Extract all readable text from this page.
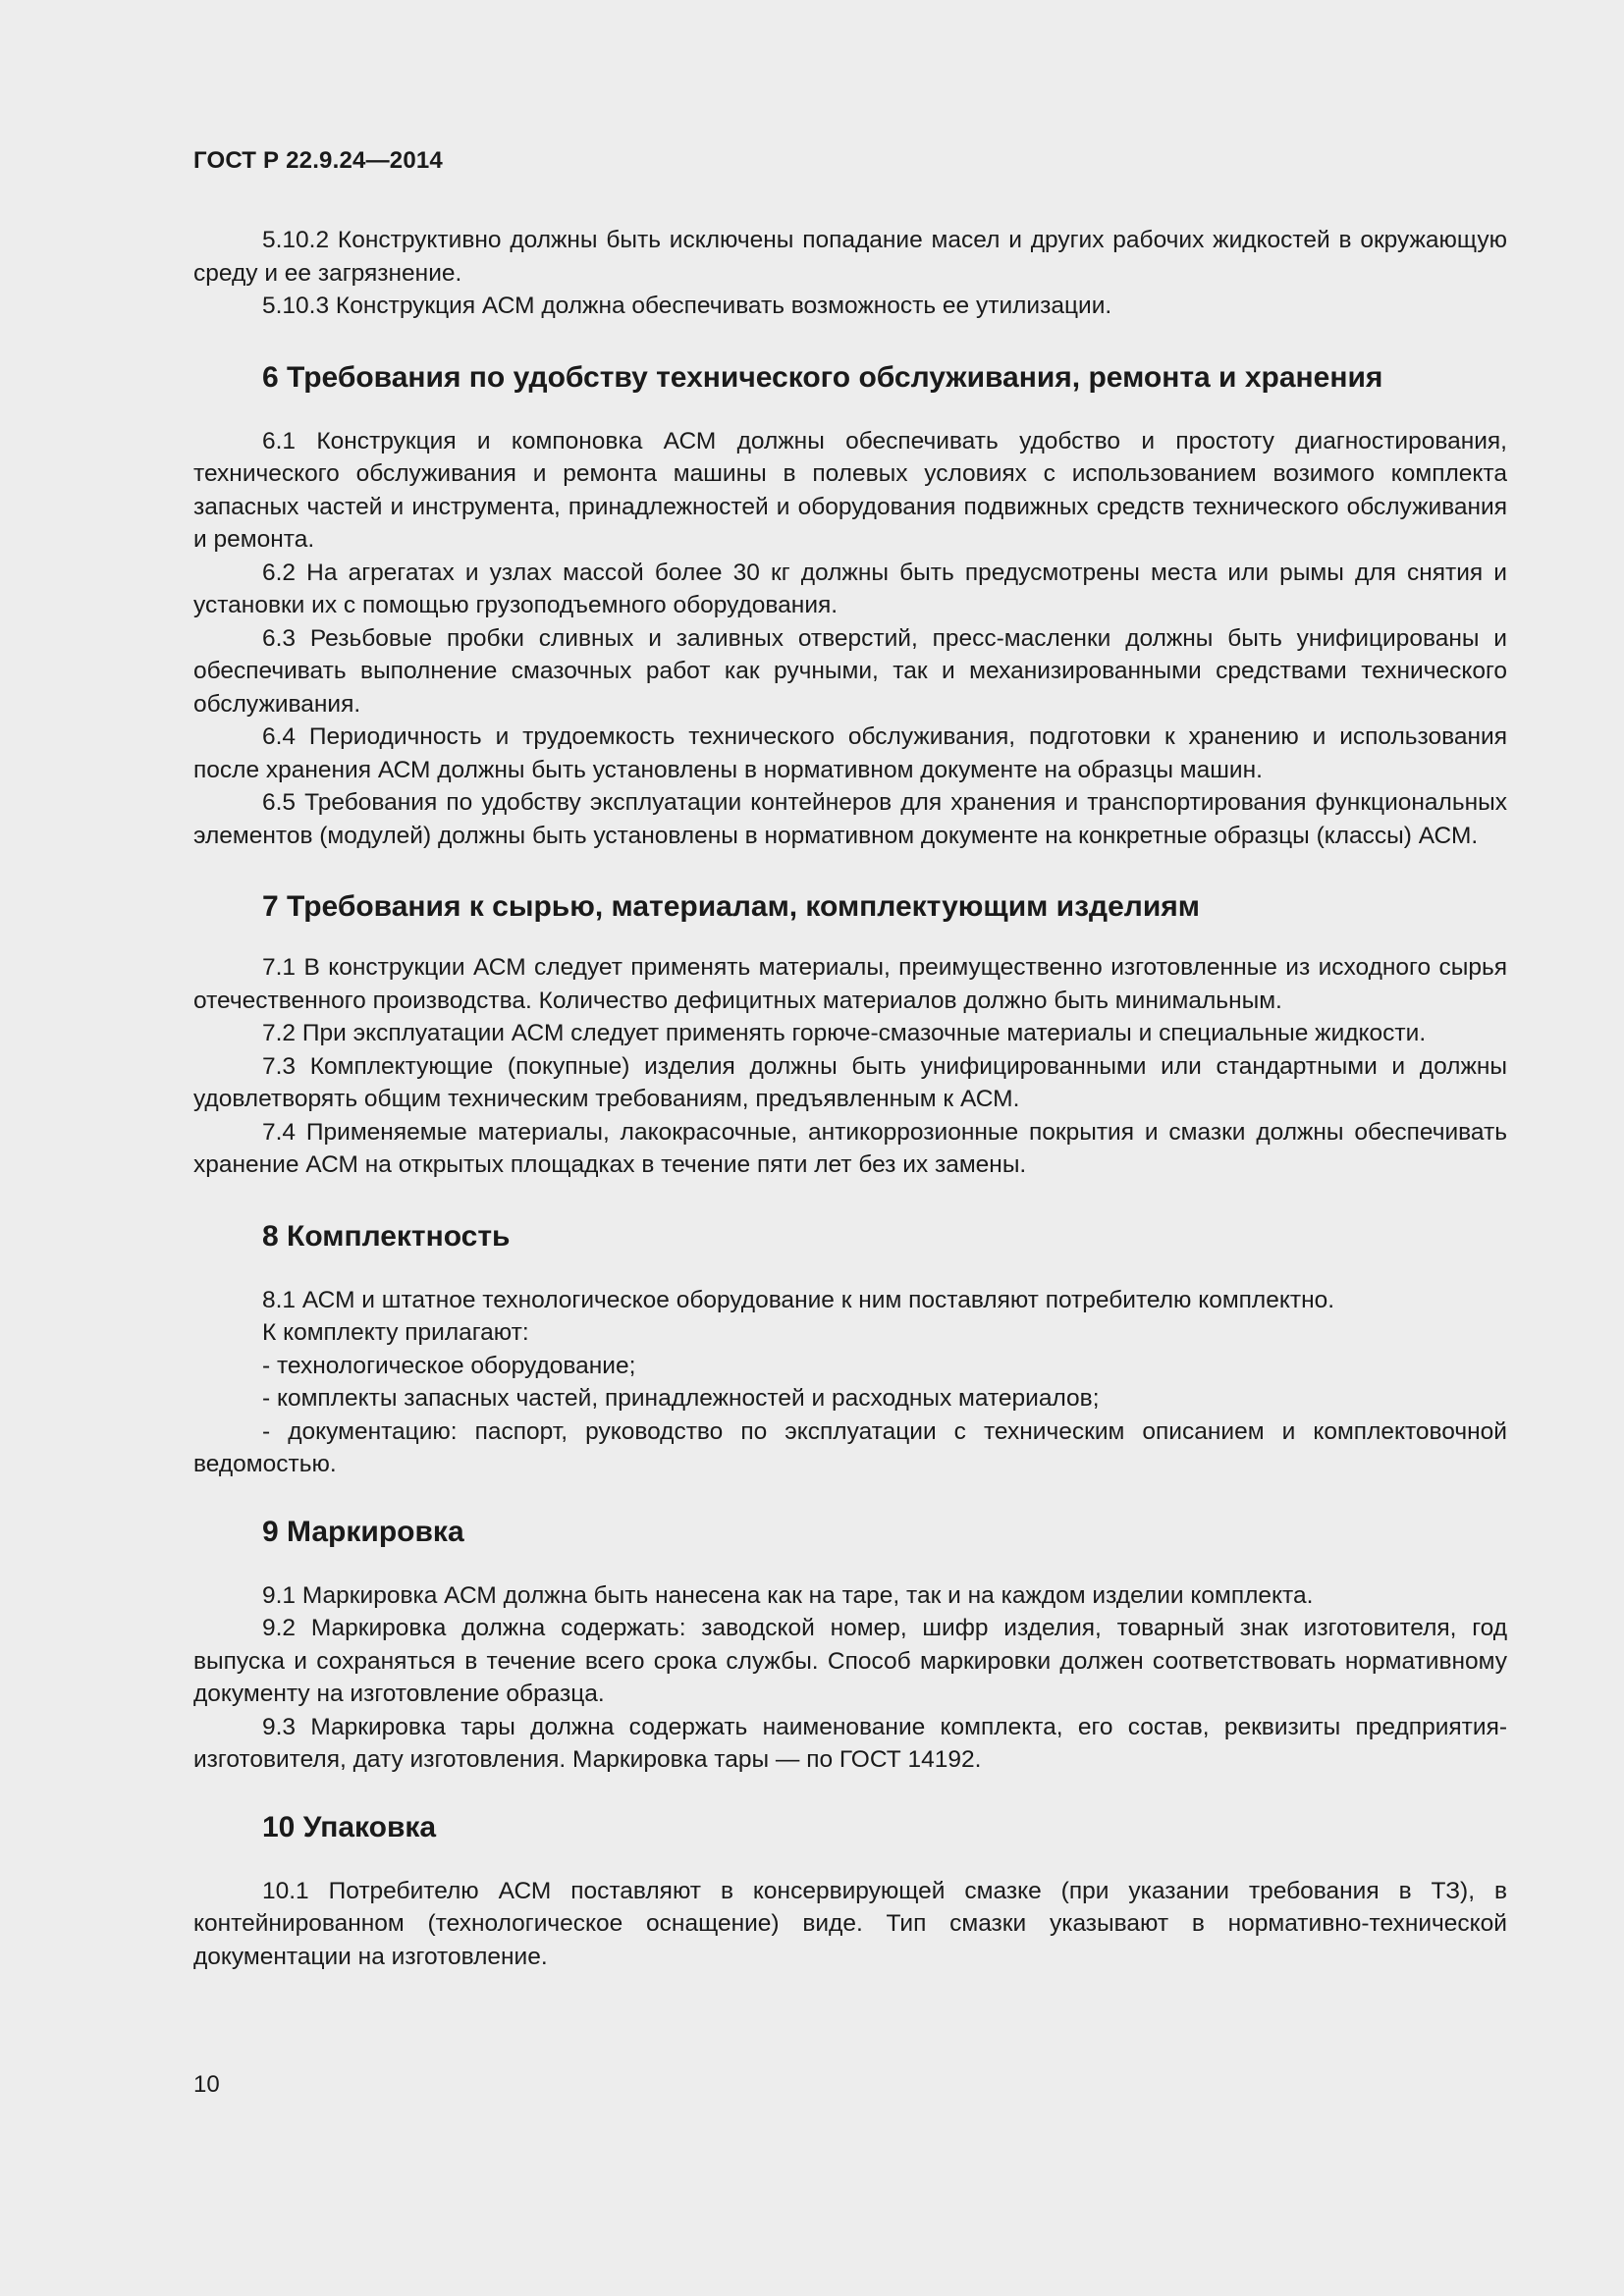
ГОСТ Р 22.9.24—2014

5.10.2 Конструктивно должны быть исключены попадание масел и других рабочих жидкостей в окружающую среду и ее загрязнение.

5.10.3 Конструкция АСМ должна обеспечивать возможность ее утилизации.

6 Требования по удобству технического обслуживания, ремонта и хранения

6.1 Конструкция и компоновка АСМ должны обеспечивать удобство и простоту диагностирования, технического обслуживания и ремонта машины в полевых условиях с использованием возимого комплекта запасных частей и инструмента, принадлежностей и оборудования подвижных средств технического обслуживания и ремонта.

6.2 На агрегатах и узлах массой более 30 кг должны быть предусмотрены места или рымы для снятия и установки их с помощью грузоподъемного оборудования.

6.3 Резьбовые пробки сливных и заливных отверстий, пресс-масленки должны быть унифицированы и обеспечивать выполнение смазочных работ как ручными, так и механизированными средствами технического обслуживания.

6.4 Периодичность и трудоемкость технического обслуживания, подготовки к хранению и использования после хранения АСМ должны быть установлены в нормативном документе на образцы машин.

6.5 Требования по удобству эксплуатации контейнеров для хранения и транспортирования функциональных элементов (модулей) должны быть установлены в нормативном документе на конкретные образцы (классы) АСМ.

7 Требования к сырью, материалам, комплектующим изделиям

7.1 В конструкции АСМ следует применять материалы, преимущественно изготовленные из исходного сырья отечественного производства. Количество дефицитных материалов должно быть минимальным.

7.2 При эксплуатации АСМ следует применять горюче-смазочные материалы и специальные жидкости.

7.3 Комплектующие (покупные) изделия должны быть унифицированными или стандартными и должны удовлетворять общим техническим требованиям, предъявленным к АСМ.

7.4 Применяемые материалы, лакокрасочные, антикоррозионные покрытия и смазки должны обеспечивать хранение АСМ на открытых площадках в течение пяти лет без их замены.

8 Комплектность

8.1 АСМ и штатное технологическое оборудование к ним поставляют потребителю комплектно.

К комплекту прилагают:

- технологическое оборудование;

- комплекты запасных частей, принадлежностей и расходных материалов;

- документацию: паспорт, руководство по эксплуатации с техническим описанием и комплектовочной ведомостью.

9 Маркировка

9.1 Маркировка АСМ должна быть нанесена как на таре, так и на каждом изделии комплекта.

9.2 Маркировка должна содержать: заводской номер, шифр изделия, товарный знак изготовителя, год выпуска и сохраняться в течение всего срока службы. Способ маркировки должен соответствовать нормативному документу на изготовление образца.

9.3 Маркировка тары должна содержать наименование комплекта, его состав, реквизиты предприятия-изготовителя, дату изготовления. Маркировка тары — по ГОСТ 14192.

10 Упаковка

10.1 Потребителю АСМ поставляют в консервирующей смазке (при указании требования в ТЗ), в контейнированном (технологическое оснащение) виде. Тип смазки указывают в нормативно-технической документации на изготовление.

10
